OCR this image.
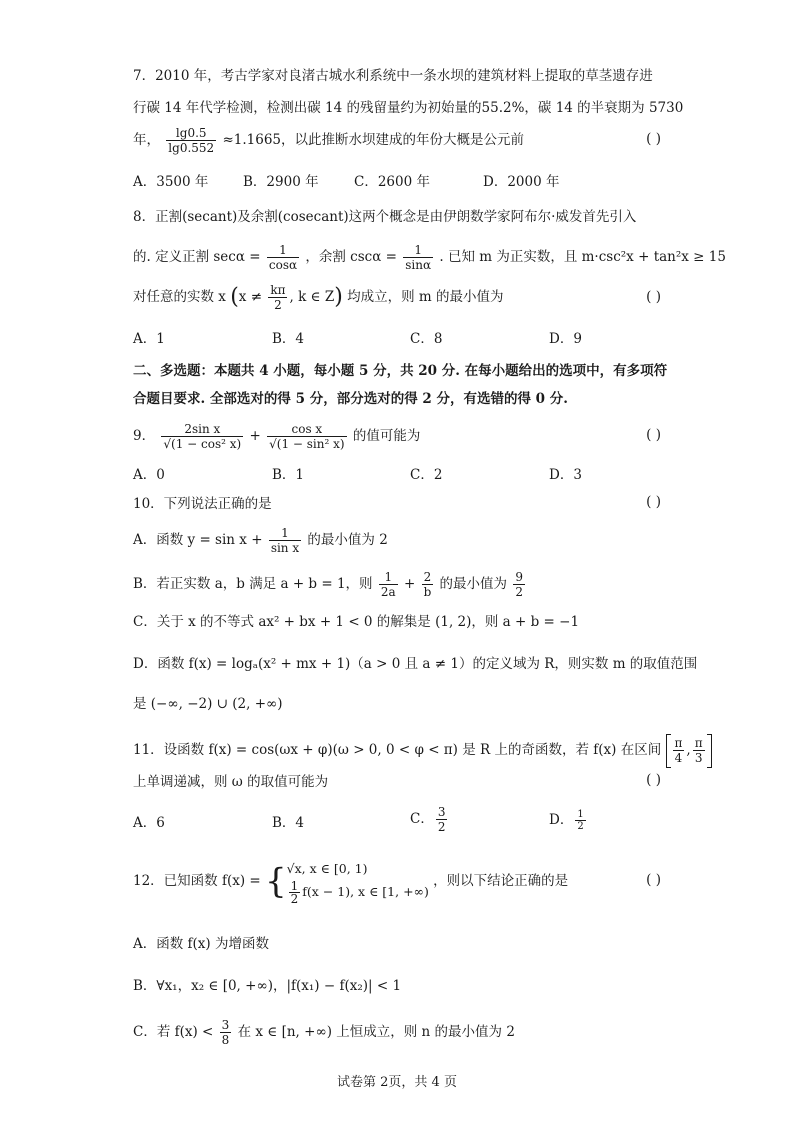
7．2010 年，考古学家对良渚古城水利系统中一条水坝的建筑材料上提取的草茎遗存进
行碳 14 年代学检测，检测出碳 14 的残留量约为初始量的55.2%，碳 14 的半衰期为 5730
年， $\frac{\lg 0.5}{\lg 0.552} \approx 1.1665$，以此推断水坝建成的年份大概是公元前	( )
A．3500 年	B．2900 年	C．2600 年	D．2000 年
8．正割(secant)及余割(cosecant)这两个概念是由伊朗数学家阿布尔·威发首先引入
的. 定义正割 $\sec\alpha = \frac{1}{\cos\alpha}$ ，余割 $\csc\alpha = \frac{1}{\sin\alpha}$ . 已知 m 为正实数，且 m·csc²x + tan²x ≥ 15
对任意的实数 x ($x \ne \frac{k\pi}{2}$ , k ∈ Z) 均成立，则 m 的最小值为	( )
A．1	B．4	C．8	D．9
二、多选题：本题共 4 小题，每小题 5 分，共 20 分. 在每小题给出的选项中，有多项符
合题目要求. 全部选对的得 5 分，部分选对的得 2 分，有选错的得 0 分.
9． $\frac{\text{2sin x}}{\text{√(1 − cos² x)}} + \frac{\text{cos x}}{\text{√(1 − sin² x)}}$ 的值可能为	( )
A．0	B．1	C．2	D．3
10．下列说法正确的是	( )
A．函数 $y = \sin x + \frac{1}{\text{sin x}}$ 的最小值为 2
B．若正实数 a，b 满足 a + b = 1，则 $\frac{1}{2a} + \frac{2}{b}$ 的最小值为 $\frac{9}{2}$
C．关于 x 的不等式 ax² + bx + 1 < 0 的解集是 (1, 2)，则 a + b = −1
D．函数 f(x) = logₐ(x² + mx + 1)（a > 0 且 a ≠ 1）的定义域为 R，则实数 m 的取值范围
是 (−∞, −2) ∪ (2, +∞)
11．设函数 f(x) = cos(ωx + φ)(ω > 0, 0 < φ < π) 是 R 上的奇函数，若 f(x) 在区间 $\frac{\pi}{4}$ , $\frac{\pi}{3}$
上单调递减，则 ω 的取值可能为	( )
A．6	B．4	C． $\frac{3}{2}$	D． $\frac{1}{2}$
12．已知函数 f(x) = { √x, x ∈ [0, 1)
$\frac{1}{2} f(x - 1)$, x ∈ [1, +∞)
，则以下结论正确的是	( )
A．函数 f(x) 为增函数
B．∀x₁，x₂ ∈ [0, +∞)，|f(x₁) − f(x₂)| < 1
C．若 $f(x) < \frac{3}{8}$ 在 x ∈ [n, +∞) 上恒成立，则 n 的最小值为 2
试卷第 2页，共 4 页
